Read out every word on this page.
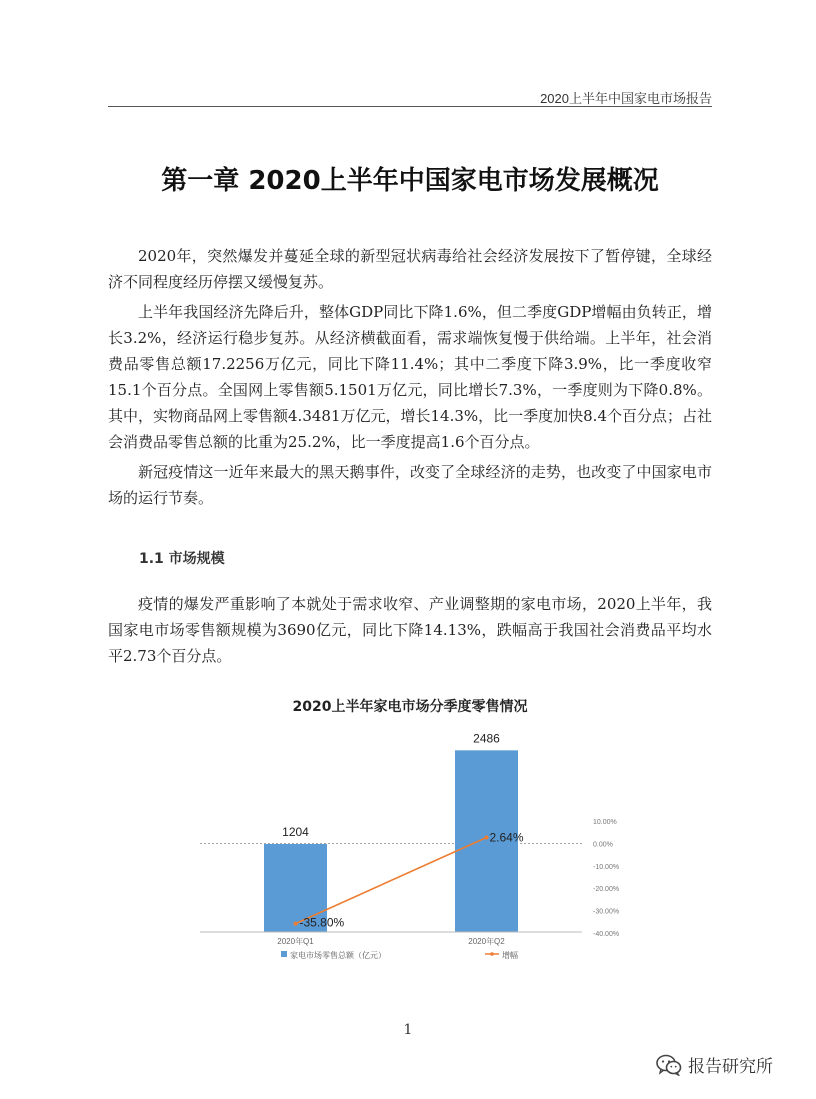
2020上半年中国家电市场报告
第一章 2020上半年中国家电市场发展概况

2020年，突然爆发并蔓延全球的新型冠状病毒给社会经济发展按下了暂停键，全球经济不同程度经历停摆又缓慢复苏。

上半年我国经济先降后升，整体GDP同比下降1.6%，但二季度GDP增幅由负转正，增长3.2%，经济运行稳步复苏。从经济横截面看，需求端恢复慢于供给端。上半年，社会消费品零售总额17.2256万亿元，同比下降11.4%；其中二季度下降3.9%，比一季度收窄15.1个百分点。全国网上零售额5.1501万亿元，同比增长7.3%，一季度则为下降0.8%。其中，实物商品网上零售额4.3481万亿元，增长14.3%，比一季度加快8.4个百分点；占社会消费品零售总额的比重为25.2%，比一季度提高1.6个百分点。

新冠疫情这一近年来最大的黑天鹅事件，改变了全球经济的走势，也改变了中国家电市场的运行节奏。

1.1 市场规模

疫情的爆发严重影响了本就处于需求收窄、产业调整期的家电市场，2020上半年，我国家电市场零售额规模为3690亿元，同比下降14.13%，跌幅高于我国社会消费品平均水平2.73个百分点。

2020上半年家电市场分季度零售情况
1204
2486
2020年Q1	2020年Q2
10.00%
0.00%
-10.00%
-20.00%
-30.00%
-40.00%
-35.80%
2.64%
家电市场零售总额（亿元）	增幅
1
报告研究所
